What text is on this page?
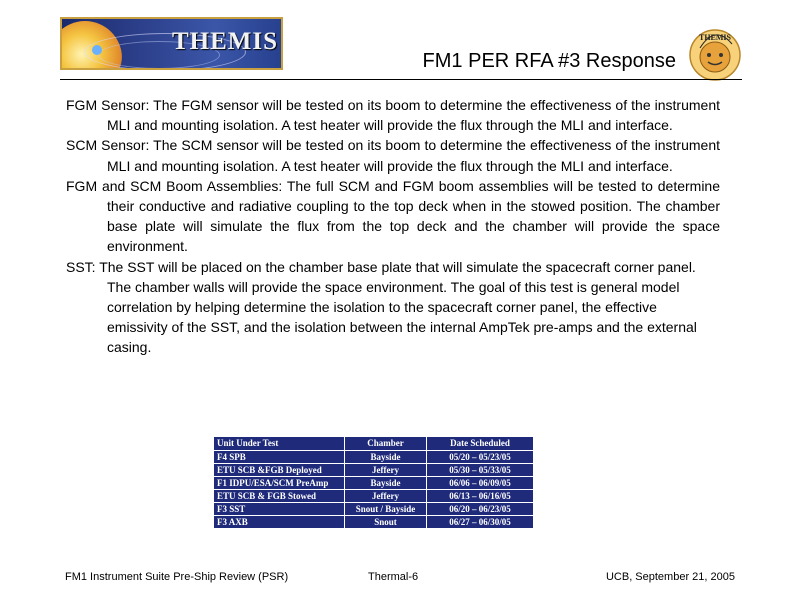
THEMIS
FM1 PER RFA #3 Response
THEMIS
FGM Sensor: The FGM sensor will be tested on its boom to determine the effectiveness of the instrument MLI and mounting isolation. A test heater will provide the flux through the MLI and interface.
SCM Sensor: The SCM sensor will be tested on its boom to determine the effectiveness of the instrument MLI and mounting isolation. A test heater will provide the flux through the MLI and interface.
FGM and SCM Boom Assemblies: The full SCM and FGM boom assemblies will be tested to determine their conductive and radiative coupling to the top deck when in the stowed position. The chamber base plate will simulate the flux from the top deck and the chamber will provide the space environment.
SST: The SST will be placed on the chamber base plate that will simulate the spacecraft corner panel. The chamber walls will provide the space environment. The goal of this test is general model correlation by helping determine the isolation to the spacecraft corner panel, the effective emissivity of the SST, and the isolation between the internal AmpTek pre-amps and the external casing.
Unit Under Test	Chamber	Date Scheduled
F4 SPB	Bayside	05/20 – 05/23/05
ETU SCB &FGB Deployed	Jeffery	05/30 – 05/33/05
F1 IDPU/ESA/SCM PreAmp	Bayside	06/06 – 06/09/05
ETU SCB & FGB Stowed	Jeffery	06/13 – 06/16/05
F3 SST	Snout / Bayside	06/20 – 06/23/05
F3 AXB	Snout	06/27 – 06/30/05
FM1 Instrument Suite Pre-Ship Review (PSR)	Thermal-6	UCB, September 21, 2005
